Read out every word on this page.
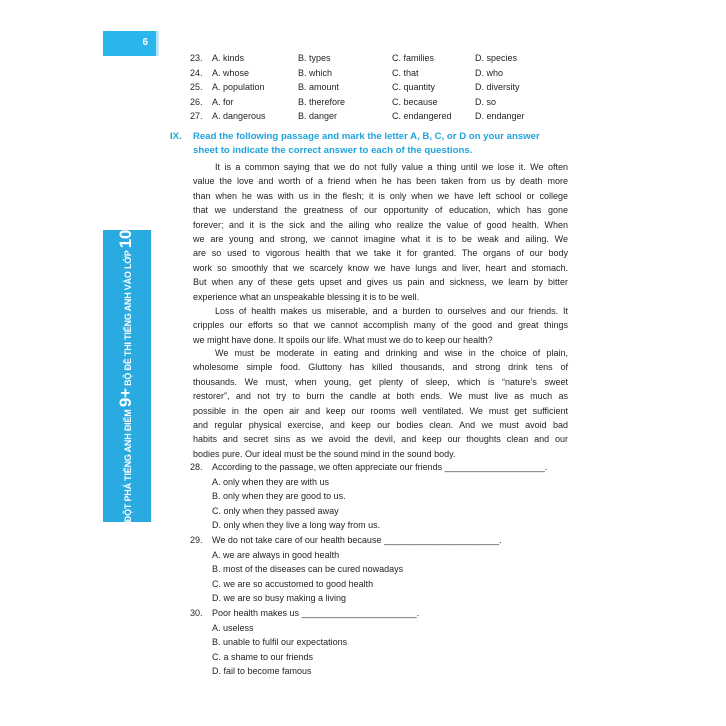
6
ĐỘT PHÁ TIẾNG ANH ĐIỂM 9+ BỘ ĐỀ THI TIẾNG ANH VÀO LỚP 10
23. A. kinds	B. types	C. families	D. species
24. A. whose	B. which	C. that	D. who
25. A. population	B. amount	C. quantity	D. diversity
26. A. for	B. therefore	C. because	D. so
27. A. dangerous	B. danger	C. endangered	D. endanger
IX. Read the following passage and mark the letter A, B, C, or D on your answer
sheet to indicate the correct answer to each of the questions.
It is a common saying that we do not fully value a thing until we lose it. We often
value the love and worth of a friend when he has been taken from us by death more
than when he was with us in the flesh; it is only when we have left school or college
that we understand the greatness of our opportunity of education, which has gone
forever; and it is the sick and the ailing who realize the value of good health. When
we are young and strong, we cannot imagine what it is to be weak and ailing. We
are so used to vigorous health that we take it for granted. The organs of our body
work so smoothly that we scarcely know we have lungs and liver, heart and stomach.
But when any of these gets upset and gives us pain and sickness, we learn by bitter
experience what an unspeakable blessing it is to be well.
Loss of health makes us miserable, and a burden to ourselves and our friends. It
cripples our efforts so that we cannot accomplish many of the good and great things
we might have done. It spoils our life. What must we do to keep our health?
We must be moderate in eating and drinking and wise in the choice of plain,
wholesome simple food. Gluttony has killed thousands, and strong drink tens of
thousands. We must, when young, get plenty of sleep, which is “nature’s sweet
restorer”, and not try to burn the candle at both ends. We must live as much as
possible in the open air and keep our rooms well ventilated. We must get sufficient
and regular physical exercise, and keep our bodies clean. And we must avoid bad
habits and secret sins as we avoid the devil, and keep our thoughts clean and our
bodies pure. Our ideal must be the sound mind in the sound body.
28. According to the passage, we often appreciate our friends ____________________.
A. only when they are with us
B. only when they are good to us.
C. only when they passed away
D. only when they live a long way from us.
29. We do not take care of our health because _______________________.
A. we are always in good health
B. most of the diseases can be cured nowadays
C. we are so accustomed to good health
D. we are so busy making a living
30. Poor health makes us _______________________.
A. useless
B. unable to fulfil our expectations
C. a shame to our friends
D. fail to become famous
